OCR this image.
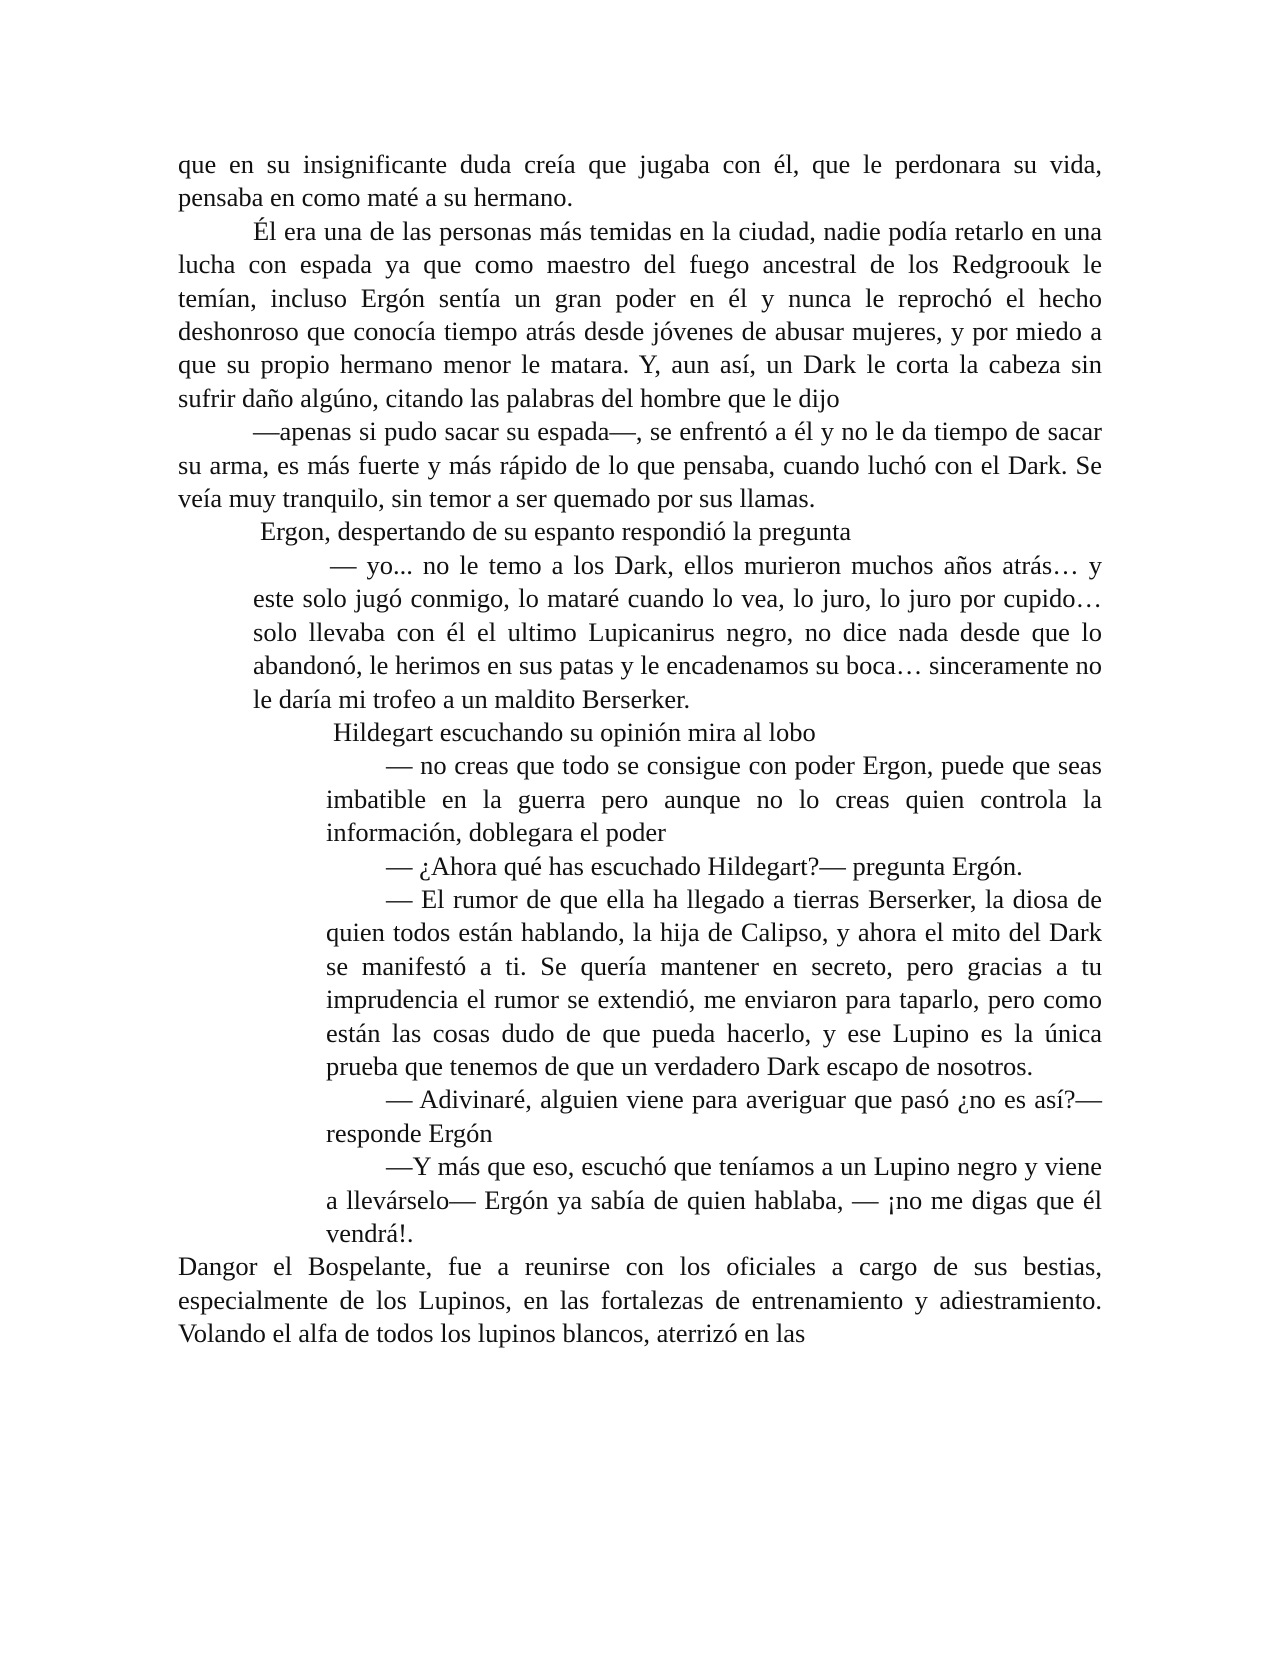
que en su insignificante duda creía que jugaba con él, que le perdonara su vida, pensaba en como maté a su hermano.

Él era una de las personas más temidas en la ciudad, nadie podía retarlo en una lucha con espada ya que como maestro del fuego ancestral de los Redgroouk le temían, incluso Ergón sentía un gran poder en él y nunca le reprochó el hecho deshonroso que conocía tiempo atrás desde jóvenes de abusar mujeres, y por miedo a que su propio hermano menor le matara. Y, aun así, un Dark le corta la cabeza sin sufrir daño algúno, citando las palabras del hombre que le dijo

—apenas si pudo sacar su espada—, se enfrentó a él y no le da tiempo de sacar su arma, es más fuerte y más rápido de lo que pensaba, cuando luchó con el Dark. Se veía muy tranquilo, sin temor a ser quemado por sus llamas.

Ergon, despertando de su espanto respondió la pregunta

— yo... no le temo a los Dark, ellos murieron muchos años atrás… y este solo jugó conmigo, lo mataré cuando lo vea, lo juro, lo juro por cupido… solo llevaba con él el ultimo Lupicanirus negro, no dice nada desde que lo abandonó, le herimos en sus patas y le encadenamos su boca… sinceramente no le daría mi trofeo a un maldito Berserker.

Hildegart escuchando su opinión mira al lobo

— no creas que todo se consigue con poder Ergon, puede que seas imbatible en la guerra pero aunque no lo creas quien controla la información, doblegara el poder

— ¿Ahora qué has escuchado Hildegart?— pregunta Ergón.

— El rumor de que ella ha llegado a tierras Berserker, la diosa de quien todos están hablando, la hija de Calipso, y ahora el mito del Dark se manifestó a ti. Se quería mantener en secreto, pero gracias a tu imprudencia el rumor se extendió, me enviaron para taparlo, pero como están las cosas dudo de que pueda hacerlo, y ese Lupino es la única prueba que tenemos de que un verdadero Dark escapo de nosotros.

— Adivinaré, alguien viene para averiguar que pasó ¿no es así?— responde Ergón

—Y más que eso, escuchó que teníamos a un Lupino negro y viene a llevárselo— Ergón ya sabía de quien hablaba, — ¡no me digas que él vendrá!.

Dangor el Bospelante, fue a reunirse con los oficiales a cargo de sus bestias, especialmente de los Lupinos, en las fortalezas de entrenamiento y adiestramiento. Volando el alfa de todos los lupinos blancos, aterrizó en las
